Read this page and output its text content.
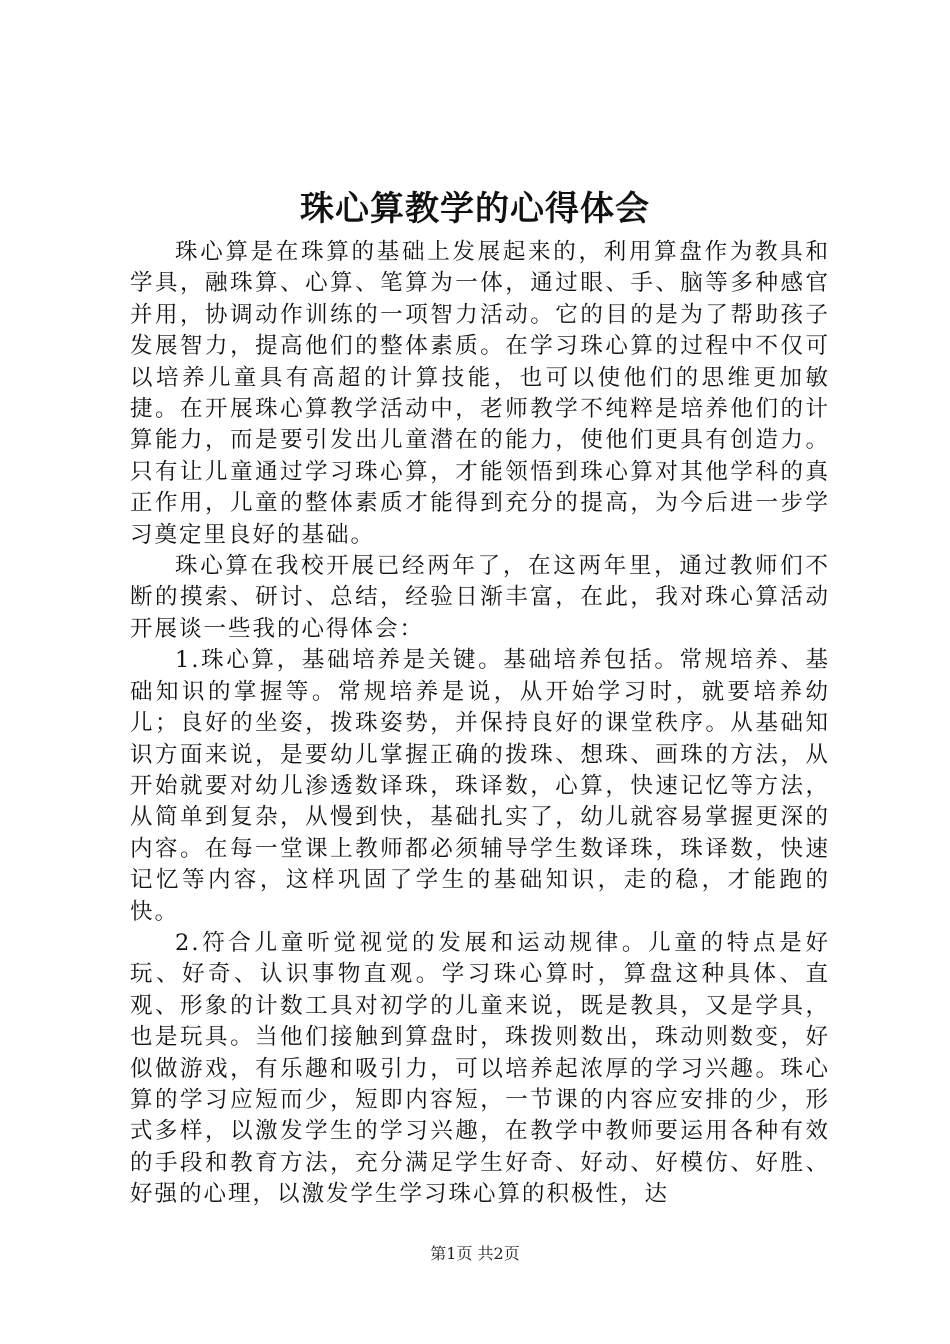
珠心算教学的心得体会

珠心算是在珠算的基础上发展起来的，利用算盘作为教具和学具，融珠算、心算、笔算为一体，通过眼、手、脑等多种感官并用，协调动作训练的一项智力活动。它的目的是为了帮助孩子发展智力，提高他们的整体素质。在学习珠心算的过程中不仅可以培养儿童具有高超的计算技能，也可以使他们的思维更加敏捷。在开展珠心算教学活动中，老师教学不纯粹是培养他们的计算能力，而是要引发出儿童潜在的能力，使他们更具有创造力。只有让儿童通过学习珠心算，才能领悟到珠心算对其他学科的真正作用，儿童的整体素质才能得到充分的提高，为今后进一步学习奠定里良好的基础。

珠心算在我校开展已经两年了，在这两年里，通过教师们不断的摸索、研讨、总结，经验日渐丰富，在此，我对珠心算活动开展谈一些我的心得体会：

1.珠心算，基础培养是关键。基础培养包括。常规培养、基础知识的掌握等。常规培养是说，从开始学习时，就要培养幼儿；良好的坐姿，拨珠姿势，并保持良好的课堂秩序。从基础知识方面来说，是要幼儿掌握正确的拨珠、想珠、画珠的方法，从开始就要对幼儿渗透数译珠，珠译数，心算，快速记忆等方法，从简单到复杂，从慢到快，基础扎实了，幼儿就容易掌握更深的内容。在每一堂课上教师都必须辅导学生数译珠，珠译数，快速记忆等内容，这样巩固了学生的基础知识，走的稳，才能跑的快。

2.符合儿童听觉视觉的发展和运动规律。儿童的特点是好玩、好奇、认识事物直观。学习珠心算时，算盘这种具体、直观、形象的计数工具对初学的儿童来说，既是教具，又是学具，也是玩具。当他们接触到算盘时，珠拨则数出，珠动则数变，好似做游戏，有乐趣和吸引力，可以培养起浓厚的学习兴趣。珠心算的学习应短而少，短即内容短，一节课的内容应安排的少，形式多样，以激发学生的学习兴趣，在教学中教师要运用各种有效的手段和教育方法，充分满足学生好奇、好动、好模仿、好胜、好强的心理，以激发学生学习珠心算的积极性，达

第1页 共2页
